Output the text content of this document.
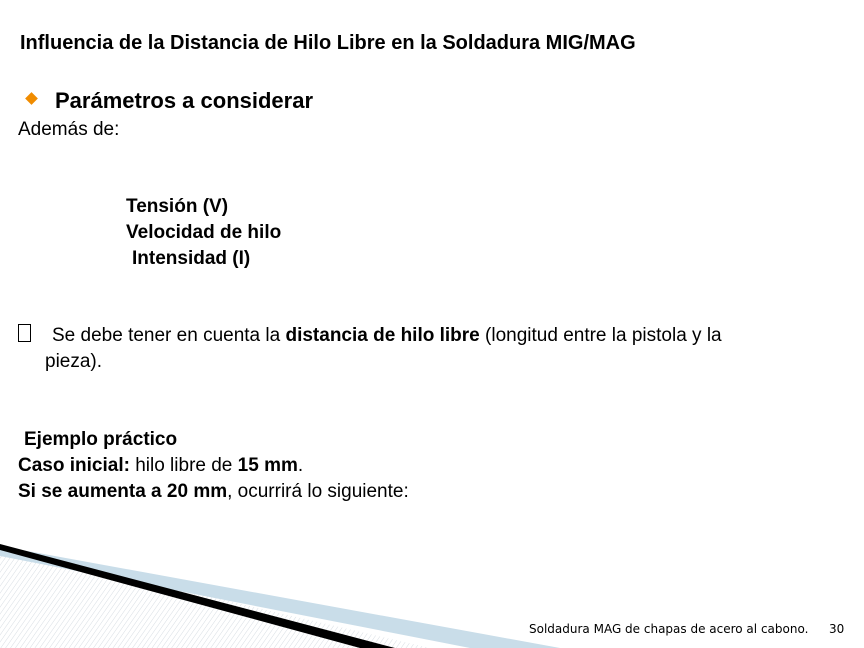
Influencia de la Distancia de Hilo Libre en la Soldadura MIG/MAG
Parámetros a considerar
Además de:
Tensión (V)
Velocidad de hilo
Intensidad (I)
Se debe tener en cuenta la distancia de hilo libre (longitud entre la pistola y la
pieza).
Ejemplo práctico
Caso inicial: hilo libre de 15 mm.
Si se aumenta a 20 mm, ocurrirá lo siguiente:
Soldadura MAG de chapas de acero al cabono. 30
